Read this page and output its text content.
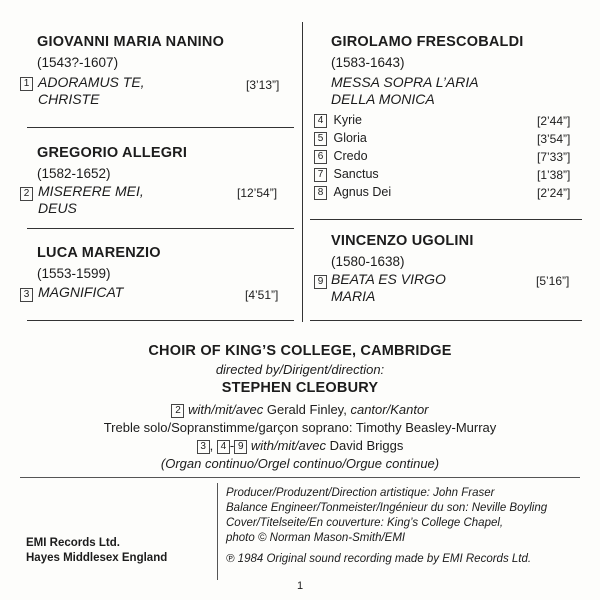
GIOVANNI MARIA NANINO
(1543?-1607)
1 ADORAMUS TE,
CHRISTE
[3’13”]
GREGORIO ALLEGRI
(1582-1652)
2 MISERERE MEI,
DEUS
[12’54”]
LUCA MARENZIO
(1553-1599)
3 MAGNIFICAT	[4’51”]
GIROLAMO FRESCOBALDI
(1583-1643)
MESSA SOPRA L’ARIA
DELLA MONICA
4 Kyrie	[2’44”]
5 Gloria	[3’54”]
6 Credo	[7’33”]
7 Sanctus	[1’38”]
8 Agnus Dei	[2’24”]
VINCENZO UGOLINI
(1580-1638)
9 BEATA ES VIRGO
MARIA
[5’16”]
CHOIR OF KING’S COLLEGE, CAMBRIDGE
directed by/Dirigent/direction:
STEPHEN CLEOBURY
2 with/mit/avec Gerald Finley, cantor/Kantor
Treble solo/Sopranstimme/garçon soprano: Timothy Beasley-Murray
3 , 4 - 9 with/mit/avec David Briggs
(Organ continuo/Orgel continuo/Orgue continue)
EMI Records Ltd.
Hayes Middlesex England
Producer/Produzent/Direction artistique: John Fraser
Balance Engineer/Tonmeister/Ingénieur du son: Neville Boyling
Cover/Titelseite/En couverture: King’s College Chapel,
photo © Norman Mason-Smith/EMI
℗ 1984 Original sound recording made by EMI Records Ltd.
1
